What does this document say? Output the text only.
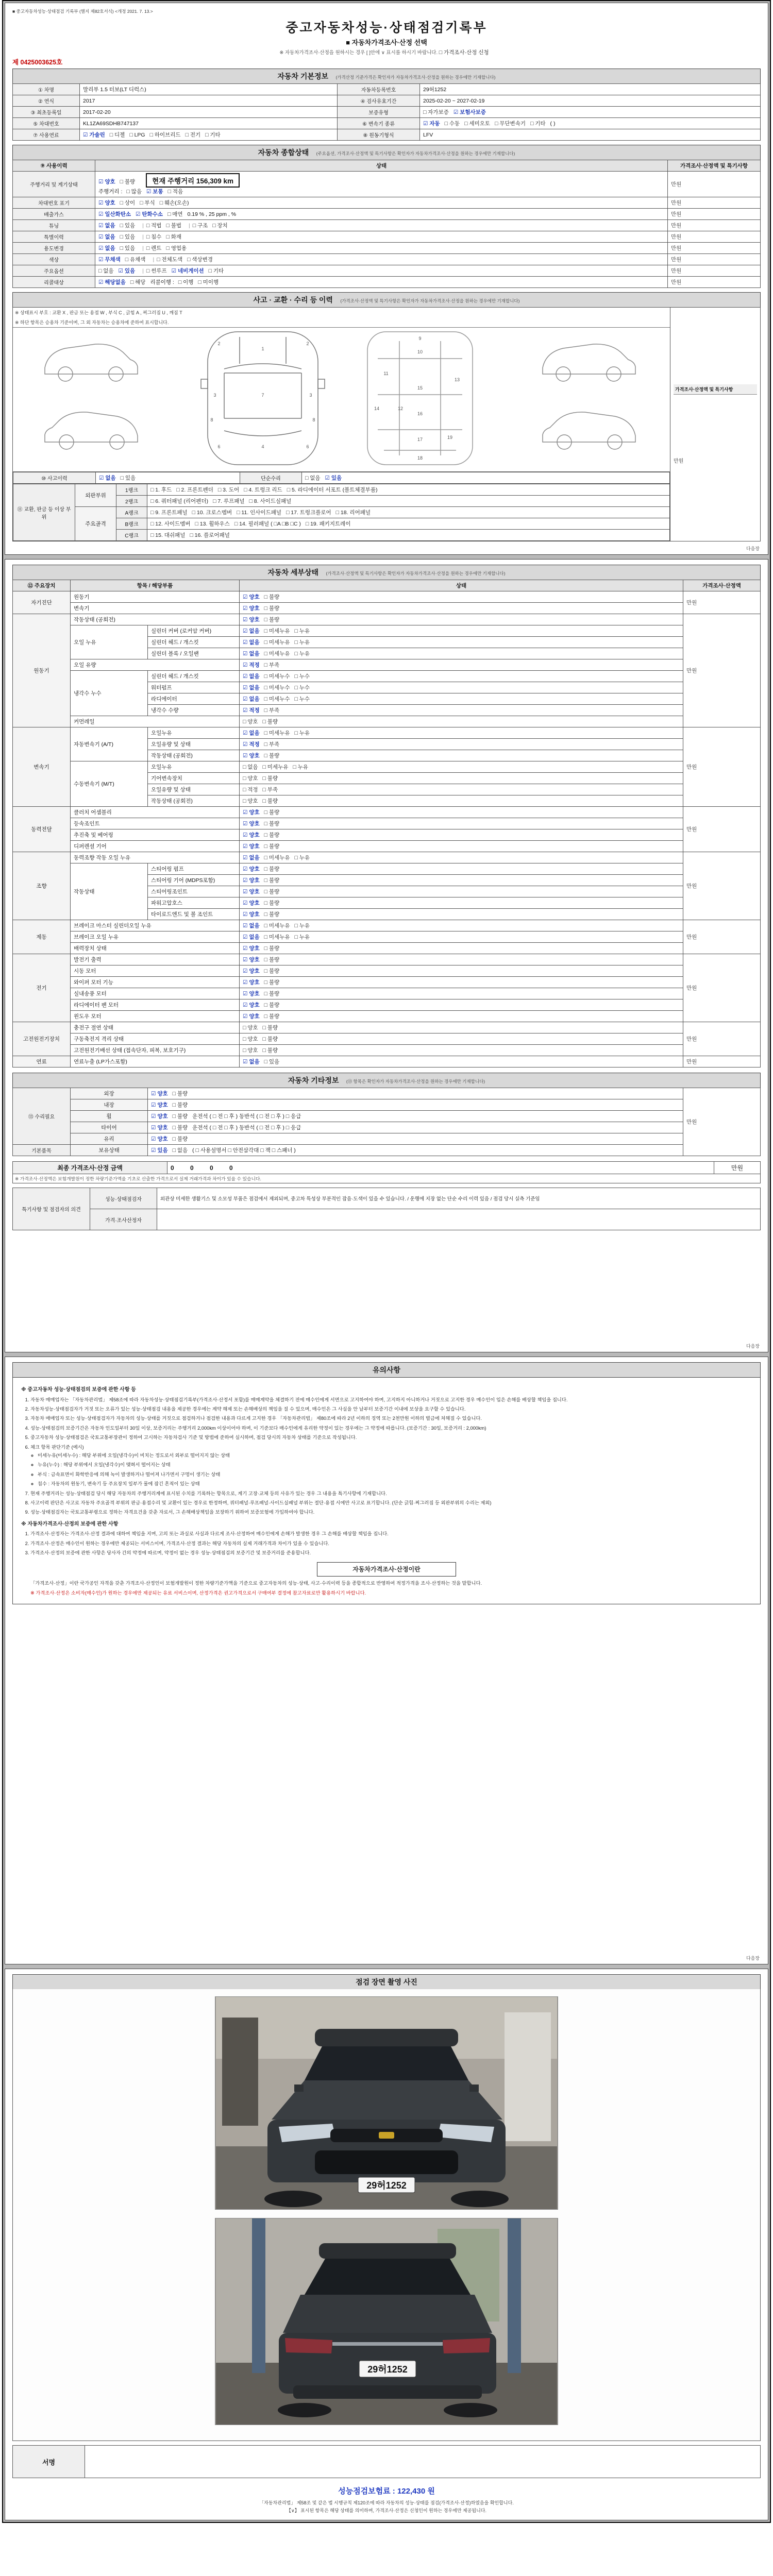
■ 중고자동차성능·상태점검 기록부 (별지 제82호서식) <개정 2021. 7. 13.>
중고자동차성능·상태점검기록부
■ 자동차가격조사·산정 선택
※ 자동차가격조사·산정을 원하시는 경우 [ ]안에 ∨ 표시를 하시기 바랍니다. □ 가격조사·산정 신청
제 0425003625호
자동차 기본정보 (가격산정 기준가격은 확인자가 자동차가격조사·산정을 원하는 경우에만 기재합니다)
① 차명	말리부 1.5 터보(LT 디럭스)	자동차등록번호	29허1252
② 연식	2017	④ 검사유효기간	2025-02-20 ~ 2027-02-19
③ 최초등록일	2017-02-20	보증유형	□ 자가보증 ☑ 보험사보증
⑤ 차대번호	KL1ZA69SDHB747137	⑥ 변속기 종류	☑ 자동 □ 수동 □ 세미오토 □ 무단변속기 □ 기타 ( )
⑦ 사용연료	☑ 가솔린 □ 디젤 □ LPG □ 하이브리드 □ 전기 □ 기타	⑧ 원동기형식	LFV
자동차 종합상태 (주요옵션, 가격조사·산정액 및 특기사항은 확인자가 자동차가격조사·산정을 원하는 경우에만 기재합니다)
⑨ 사용이력	상태	가격조사·산정액 및 특기사항
주행거리 및 계기상태	☑ 양호 □ 불량 현재 주행거리 156,309 km
주행거리 : □ 많음 ☑ 보통 □ 적음	만원
차대번호 표기	☑ 양호 □ 상이 □ 부식 □ 훼손(오손)	만원
배출가스	☑ 일산화탄소 ☑ 탄화수소 □ 매연 0.19 % , 25 ppm , %	만원
튜닝	☑ 없음 □ 있음 | □ 적법 □ 불법 | □ 구조 □ 장치	만원
특별이력	☑ 없음 □ 있음 | □ 침수 □ 화재	만원
용도변경	☑ 없음 □ 있음 | □ 렌트 □ 영업용	만원
색상	☑ 무채색 □ 유채색 | □ 전체도색 □ 색상변경	만원
주요옵션	□ 없음 ☑ 있음 | □ 썬루프 ☑ 네비게이션 □ 기타	만원
리콜대상	☑ 해당없음 □ 해당 리콜이행 : □ 이행 □ 미이행	만원
사고 · 교환 · 수리 등 이력 (가격조사·산정액 및 특기사항은 확인자가 자동차가격조사·산정을 원하는 경우에만 기재합니다)
※ 상태표시 부호 : 교환 X , 판금 또는 용접 W , 부식 C , 긁힘 A , 찌그러짐 U , 깨짐 T
※ 하단 항목은 승용차 기준이며, 그 외 자동차는 승용차에 준하여 표시합니다.
1
7
4
2	2
3	3
6	6
8	8
9
10
11
12
13
14
15
16
17
18
19
⑩ 사고이력	☑ 없음 □ 있음	단순수리	□ 없음 ☑ 있음
⑪ 교환, 판금 등 이상 부위	외판부위	1랭크	□ 1. 후드 □ 2. 프론트펜더 □ 3. 도어 □ 4. 트렁크 리드 □ 5. 라디에이터 서포트 (볼트체결부품)
2랭크	□ 6. 쿼터패널 (리어펜더) □ 7. 루프패널 □ 8. 사이드실패널
주요골격	A랭크	□ 9. 프론트패널 □ 10. 크로스멤버 □ 11. 인사이드패널 □ 17. 트렁크플로어 □ 18. 리어패널
B랭크	□ 12. 사이드멤버 □ 13. 휠하우스 □ 14. 필러패널 ( □A □B □C ) □ 19. 패키지트레이
C랭크	□ 15. 대쉬패널 □ 16. 플로어패널

가격조사·산정액 및 특기사항
만원
다음장
자동차 세부상태 (가격조사·산정액 및 특기사항은 확인자가 자동차가격조사·산정을 원하는 경우에만 기재합니다)
⑫ 주요장치	항목 / 해당부품		상태	가격조사·산정액
자기진단	원동기		☑ 양호 □ 불량	만원
	변속기		☑ 양호 □ 불량	
원동기	작동상태 (공회전)		☑ 양호 □ 불량	만원
	오일 누유	실린더 커버 (로커암 커버)	☑ 없음 □ 미세누유 □ 누유	
		실린더 헤드 / 개스킷	☑ 없음 □ 미세누유 □ 누유	
		실린더 블록 / 오일팬	☑ 없음 □ 미세누유 □ 누유	
	오일 유량		☑ 적정 □ 부족	
	냉각수 누수	실린더 헤드 / 개스킷	☑ 없음 □ 미세누수 □ 누수	
		워터펌프	☑ 없음 □ 미세누수 □ 누수	
		라디에이터	☑ 없음 □ 미세누수 □ 누수	
		냉각수 수량	☑ 적정 □ 부족	
	커먼레일		□ 양호 □ 불량	
변속기	자동변속기 (A/T)	오일누유	☑ 없음 □ 미세누유 □ 누유	만원
		오일유량 및 상태	☑ 적정 □ 부족	
		작동상태 (공회전)	☑ 양호 □ 불량	
	수동변속기 (M/T)	오일누유	□ 없음 □ 미세누유 □ 누유	
		기어변속장치	□ 양호 □ 불량	
		오일유량 및 상태	□ 적정 □ 부족	
		작동상태 (공회전)	□ 양호 □ 불량	
동력전달	클러치 어셈블리		☑ 양호 □ 불량	만원
	등속조인트		☑ 양호 □ 불량	
	추진축 및 베어링		☑ 양호 □ 불량	
	디퍼렌셜 기어		☑ 양호 □ 불량	
조향	동력조향 작동 오일 누유		☑ 없음 □ 미세누유 □ 누유	만원
	작동상태	스티어링 펌프	☑ 양호 □ 불량	
		스티어링 기어 (MDPS포함)	☑ 양호 □ 불량	
		스티어링조인트	☑ 양호 □ 불량	
		파워고압호스	☑ 양호 □ 불량	
		타이로드엔드 및 볼 조인트	☑ 양호 □ 불량	
제동	브레이크 마스터 실린더오일 누유		☑ 없음 □ 미세누유 □ 누유	만원
	브레이크 오일 누유		☑ 없음 □ 미세누유 □ 누유	
	배력장치 상태		☑ 양호 □ 불량	
전기	발전기 출력		☑ 양호 □ 불량	만원
	시동 모터		☑ 양호 □ 불량	
	와이퍼 모터 기능		☑ 양호 □ 불량	
	실내송풍 모터		☑ 양호 □ 불량	
	라디에이터 팬 모터		☑ 양호 □ 불량	
	윈도우 모터		☑ 양호 □ 불량	
고전원전기장치	충전구 절연 상태		□ 양호 □ 불량	만원
	구동축전지 격리 상태		□ 양호 □ 불량	
	고전원전기배선 상태 (접속단자, 피복, 보호기구)		□ 양호 □ 불량	
연료	연료누출 (LP가스포함)		☑ 없음 □ 있음	만원
자동차 기타정보 (⑬ 항목은 확인자가 자동차가격조사·산정을 원하는 경우에만 기재합니다)
⑬ 수리필요	외장	☑ 양호 □ 불량	만원
	내장	☑ 양호 □ 불량	
	휠	☑ 양호 □ 불량 운전석 ( □ 전 □ 후 ) 동반석 ( □ 전 □ 후 ) □ 응급	
	타이어	☑ 양호 □ 불량 운전석 ( □ 전 □ 후 ) 동반석 ( □ 전 □ 후 ) □ 응급	
	유리	☑ 양호 □ 불량	
기본품목	보유상태	☑ 있음 □ 없음 ( □ 사용설명서 □ 안전삼각대 □ 잭 □ 스패너 )	
최종 가격조사·산정 금액	0 0 0 0	만원
※ 가격조사·산정액은 보험개발원이 정한 차량기준가액을 기초로 산출한 가격으로서 실제 거래가격과 차이가 있을 수 있습니다.
특기사항 및 점검자의 의견	성능·상태점검자	외관상 미세한 생활기스 및 소모성 부품은 점검에서 제외되며, 중고차 특성상 부분적인 잡음·도색이 있을 수 있습니다. / 운행에 지장 없는 단순 수리 이력 있음 / 점검 당시 실측 기준임
	가격·조사산정자	
다음장
유의사항
※ 중고자동차 성능·상태점검의 보증에 관한 사항 등
1. 자동차 매매업자는 「자동차관리법」 제58조에 따라 자동차성능·상태점검기록부(가격조사·산정서 포함)를 매매계약을 체결하기 전에 매수인에게 서면으로 고지하여야 하며, 고지하지 아니하거나 거짓으로 고지한 경우 매수인이 입은 손해를 배상할 책임을 집니다.
2. 자동차성능·상태점검자가 거짓 또는 오류가 있는 성능·상태점검 내용을 제공한 경우에는 계약 해제 또는 손해배상의 책임을 질 수 있으며, 매수인은 그 사실을 안 날부터 보증기간 이내에 보상을 요구할 수 있습니다.
3. 자동차 매매업자 또는 성능·상태점검자가 자동차의 성능·상태를 거짓으로 점검하거나 점검한 내용과 다르게 고지한 경우 「자동차관리법」 제80조에 따라 2년 이하의 징역 또는 2천만원 이하의 벌금에 처해질 수 있습니다.
4. 성능·상태점검의 보증기간은 자동차 인도일부터 30일 이상, 보증거리는 주행거리 2,000km 이상이어야 하며, 이 기준보다 매수인에게 유리한 약정이 있는 경우에는 그 약정에 따릅니다. (보증기간 : 30일, 보증거리 : 2,000km)
5. 중고자동차 성능·상태점검은 국토교통부장관이 정하여 고시하는 자동차검사 기준 및 방법에 준하여 실시하며, 점검 당시의 자동차 상태를 기준으로 작성됩니다.
6. 체크 항목 판단기준 (예시)
◦ 미세누유(미세누수) : 해당 부위에 오일(냉각수)이 비치는 정도로서 외부로 떨어지지 않는 상태
◦ 누유(누수) : 해당 부위에서 오일(냉각수)이 맺혀서 떨어지는 상태
◦ 부식 : 금속표면이 화학반응에 의해 녹이 발생하거나 떨어져 나가면서 구멍이 생기는 상태
◦ 침수 : 자동차의 원동기, 변속기 등 주요장치 일부가 물에 잠긴 흔적이 있는 상태
7. 현재 주행거리는 성능·상태점검 당시 해당 자동차의 주행거리계에 표시된 수치를 기록하는 항목으로, 계기 고장·교체 등의 사유가 있는 경우 그 내용을 특기사항에 기재합니다.
8. 사고이력 판단은 사고로 자동차 주요골격 부위의 판금·용접수리 및 교환이 있는 경우로 한정하며, 쿼터패널·루프패널·사이드실패널 부위는 절단·용접 시에만 사고로 표기합니다. (단순 긁힘·찌그러짐 등 외판부위의 수리는 제외)
9. 성능·상태점검자는 국토교통부령으로 정하는 자격요건을 갖춘 자로서, 그 손해배상책임을 보장하기 위하여 보증보험에 가입하여야 합니다.
※ 자동차가격조사·산정의 보증에 관한 사항
1. 가격조사·산정자는 가격조사·산정 결과에 대하여 책임을 지며, 고의 또는 과실로 사실과 다르게 조사·산정하여 매수인에게 손해가 발생한 경우 그 손해를 배상할 책임을 집니다.
2. 가격조사·산정은 매수인이 원하는 경우에만 제공되는 서비스이며, 가격조사·산정 결과는 해당 자동차의 실제 거래가격과 차이가 있을 수 있습니다.
3. 가격조사·산정의 보증에 관한 사항은 당사자 간의 약정에 따르며, 약정이 없는 경우 성능·상태점검의 보증기간 및 보증거리를 준용합니다.
자동차가격조사·산정이란
「가격조사·산정」이란 국가공인 자격을 갖춘 가격조사·산정인이 보험개발원이 정한 차량기준가액을 기준으로 중고자동차의 성능·상태, 사고·수리이력 등을 종합적으로 반영하여 적정가격을 조사·산정하는 것을 말합니다.
※ 가격조사·산정은 소비자(매수인)가 원하는 경우에만 제공되는 유료 서비스이며, 산정가격은 권고가격으로서 구매여부 결정에 참고자료로만 활용하시기 바랍니다.
다음장
점검 장면 촬영 사진
29허1252
29허1252
서명	
성능점검보험료 : 122,430 원
「자동차관리법」 제58조 및 같은 법 시행규칙 제120조에 따라 자동차의 성능·상태를 점검(가격조사·산정)하였음을 확인합니다.
【∨】 표시된 항목은 해당 상태를 의미하며, 가격조사·산정은 신청인이 원하는 경우에만 제공됩니다.
